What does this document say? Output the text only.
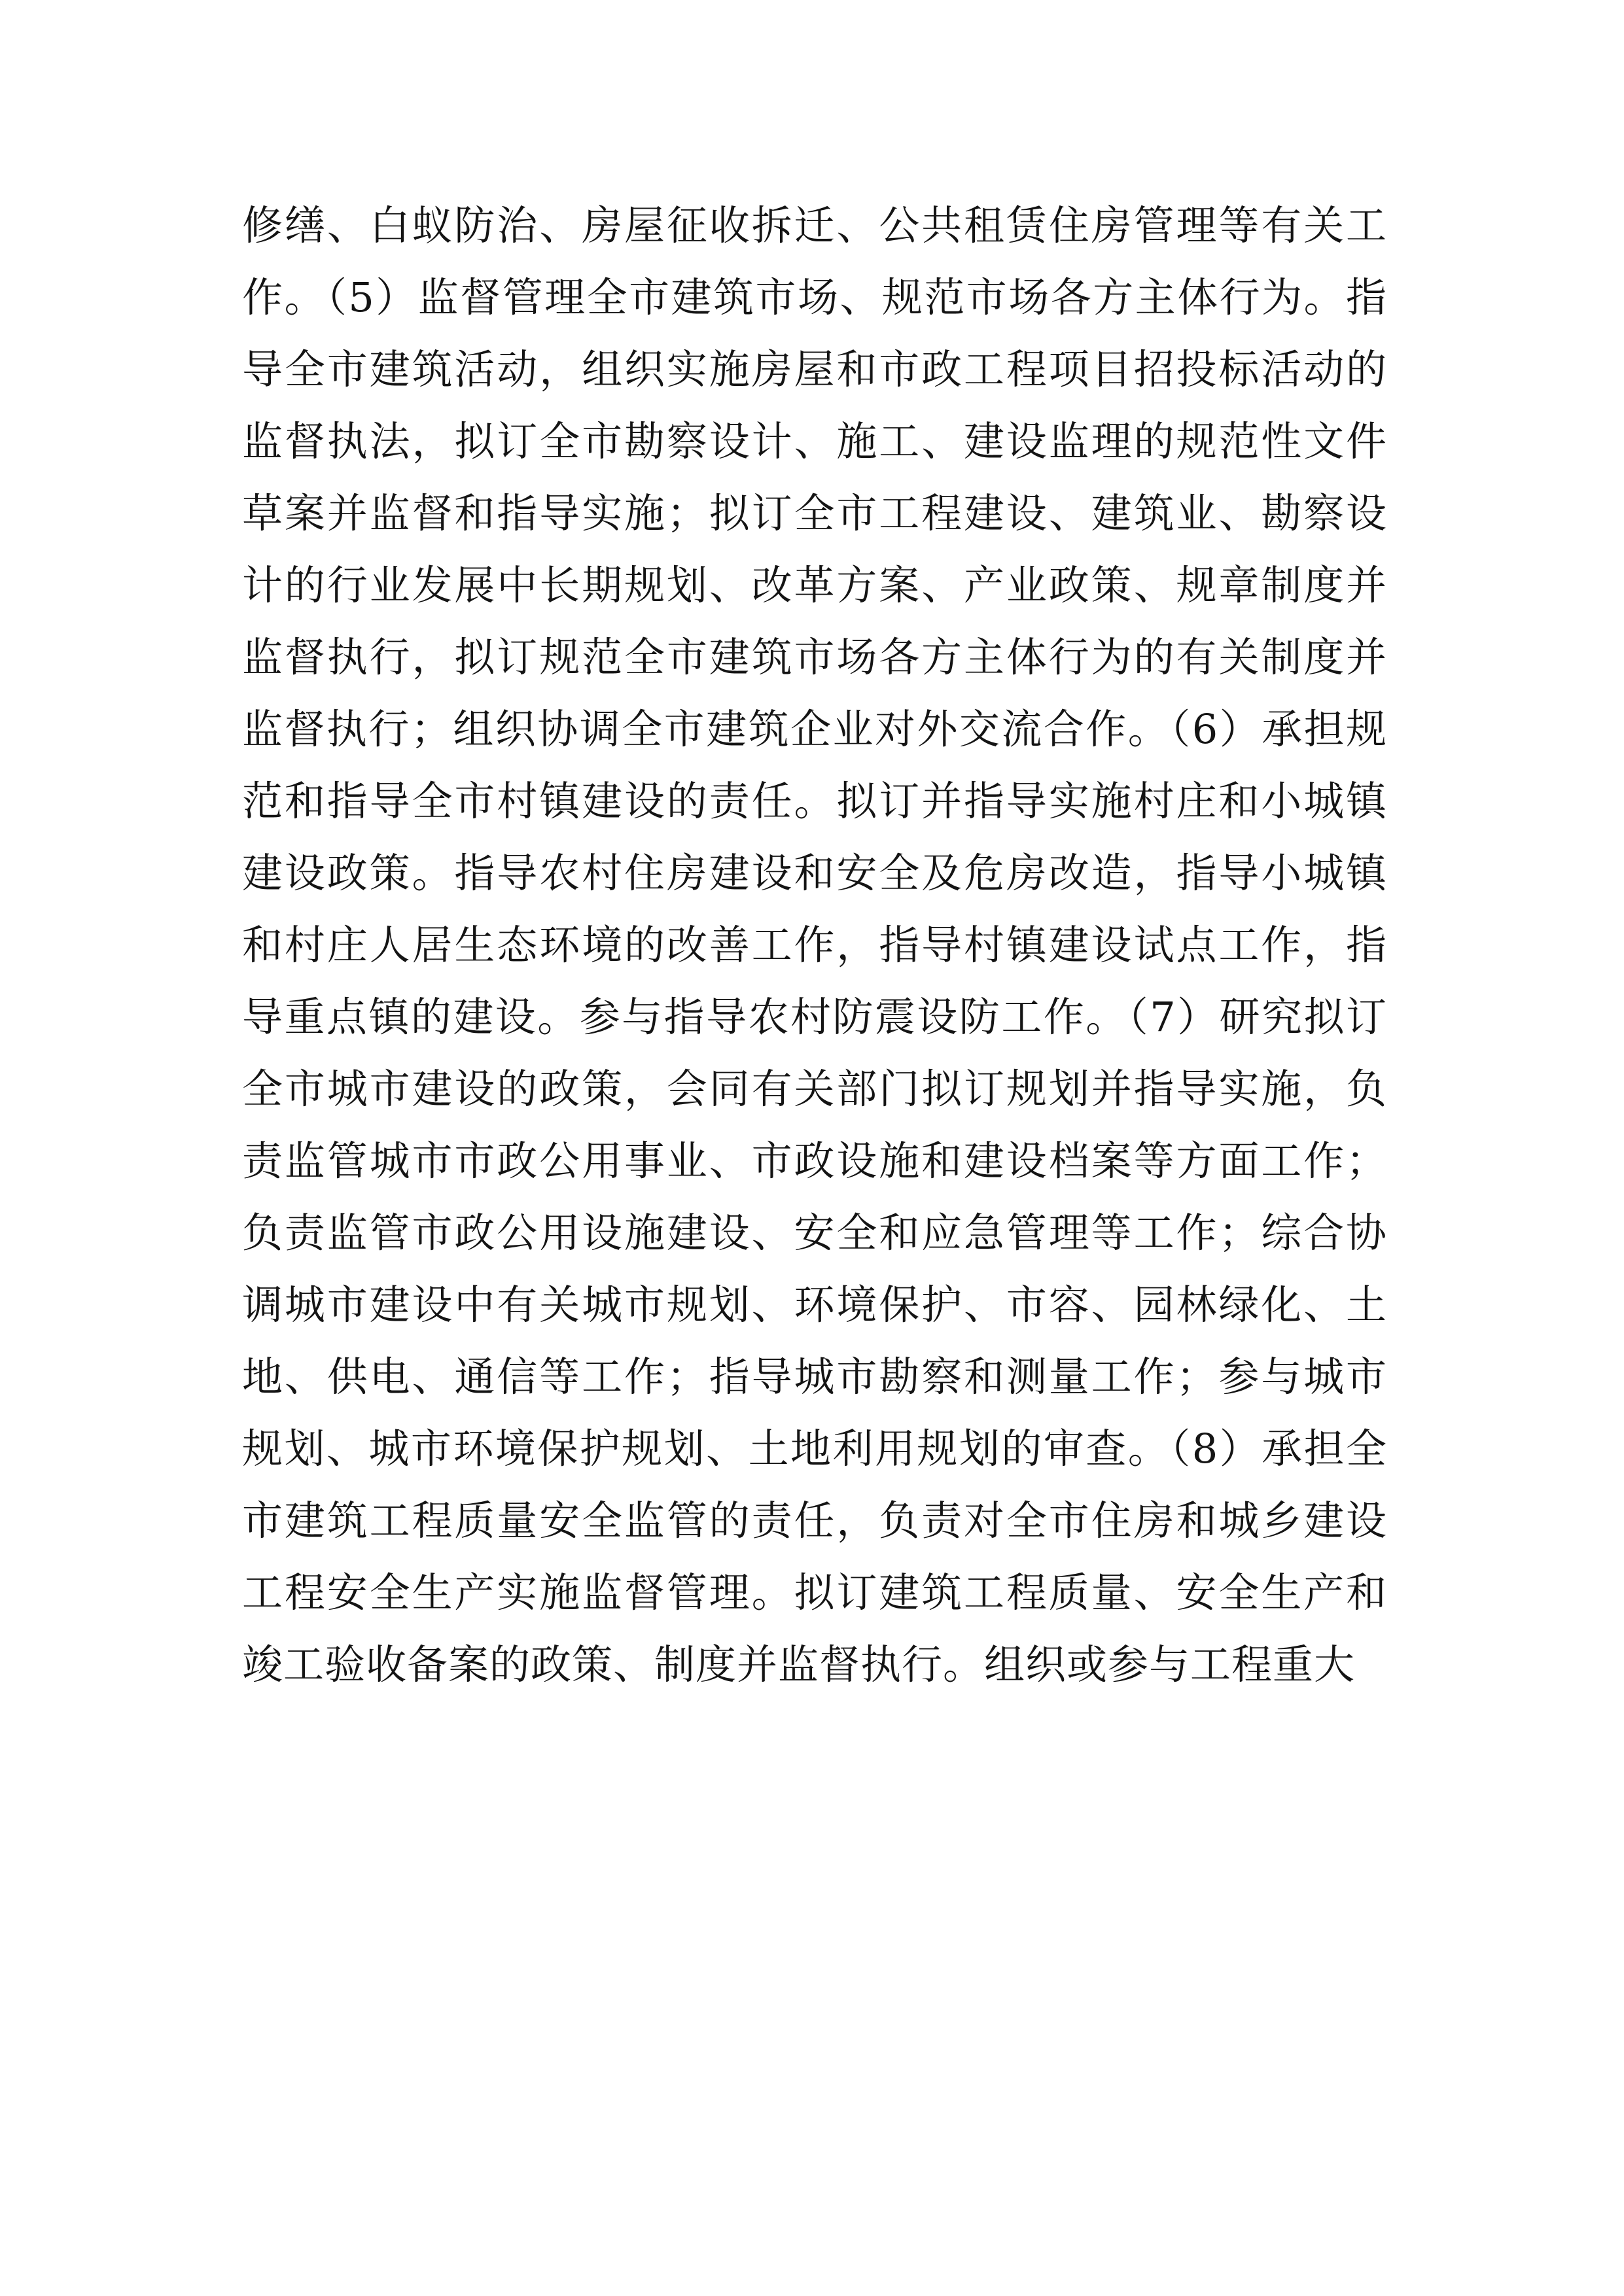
修缮、白蚁防治、房屋征收拆迁、公共租赁住房管理等有关工作。（5）监督管理全市建筑市场、规范市场各方主体行为。指导全市建筑活动，组织实施房屋和市政工程项目招投标活动的监督执法，拟订全市勘察设计、施工、建设监理的规范性文件草案并监督和指导实施；拟订全市工程建设、建筑业、勘察设计的行业发展中长期规划、改革方案、产业政策、规章制度并监督执行，拟订规范全市建筑市场各方主体行为的有关制度并监督执行；组织协调全市建筑企业对外交流合作。（6）承担规范和指导全市村镇建设的责任。拟订并指导实施村庄和小城镇建设政策。指导农村住房建设和安全及危房改造，指导小城镇和村庄人居生态环境的改善工作，指导村镇建设试点工作，指导重点镇的建设。参与指导农村防震设防工作。（7）研究拟订全市城市建设的政策，会同有关部门拟订规划并指导实施，负责监管城市市政公用事业、市政设施和建设档案等方面工作；负责监管市政公用设施建设、安全和应急管理等工作；综合协调城市建设中有关城市规划、环境保护、市容、园林绿化、土地、供电、通信等工作；指导城市勘察和测量工作；参与城市规划、城市环境保护规划、土地利用规划的审查。（8）承担全市建筑工程质量安全监管的责任，负责对全市住房和城乡建设工程安全生产实施监督管理。拟订建筑工程质量、安全生产和竣工验收备案的政策、制度并监督执行。组织或参与工程重大
